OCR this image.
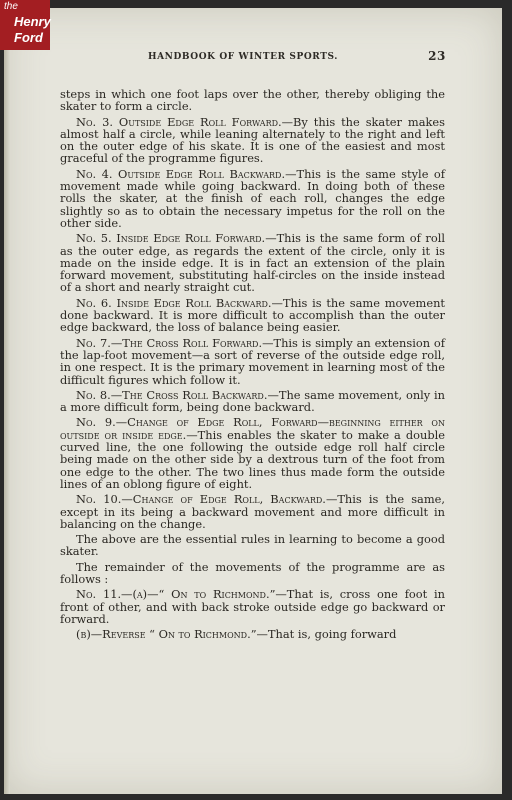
the
Henry
Ford
HANDBOOK OF WINTER SPORTS.	23

steps in which one foot laps over the other, thereby obliging the skater to form a circle.

No. 3. Outside Edge Roll Forward.—By this the skater makes almost half a circle, while leaning alternately to the right and left on the outer edge of his skate. It is one of the easiest and most graceful of the programme figures.

No. 4. Outside Edge Roll Backward.—This is the same style of movement made while going backward. In doing both of these rolls the skater, at the finish of each roll, changes the edge slightly so as to obtain the necessary impetus for the roll on the other side.

No. 5. Inside Edge Roll Forward.—This is the same form of roll as the outer edge, as regards the extent of the circle, only it is made on the inside edge. It is in fact an extension of the plain forward movement, substituting half-circles on the inside instead of a short and nearly straight cut.

No. 6. Inside Edge Roll Backward.—This is the same movement done backward. It is more difficult to accomplish than the outer edge backward, the loss of balance being easier.

No. 7.—The Cross Roll Forward.—This is simply an extension of the lap-foot movement—a sort of reverse of the outside edge roll, in one respect. It is the primary movement in learning most of the difficult figures which follow it.

No. 8.—The Cross Roll Backward.—The same movement, only in a more difficult form, being done backward.

No. 9.—Change of Edge Roll, Forward—beginning either on outside or inside edge.—This enables the skater to make a double curved line, the one following the outside edge roll half circle being made on the other side by a dextrous turn of the foot from one edge to the other. The two lines thus made form the outside lines of an oblong figure of eight.

No. 10.—Change of Edge Roll, Backward.—This is the same, except in its being a backward movement and more difficult in balancing on the change.

The above are the essential rules in learning to become a good skater.

The remainder of the movements of the programme are as follows :

No. 11.—(a)—“ On to Richmond.”—That is, cross one foot in front of other, and with back stroke outside edge go backward or forward.

(b)—Reverse “ On to Richmond.”—That is, going forward
